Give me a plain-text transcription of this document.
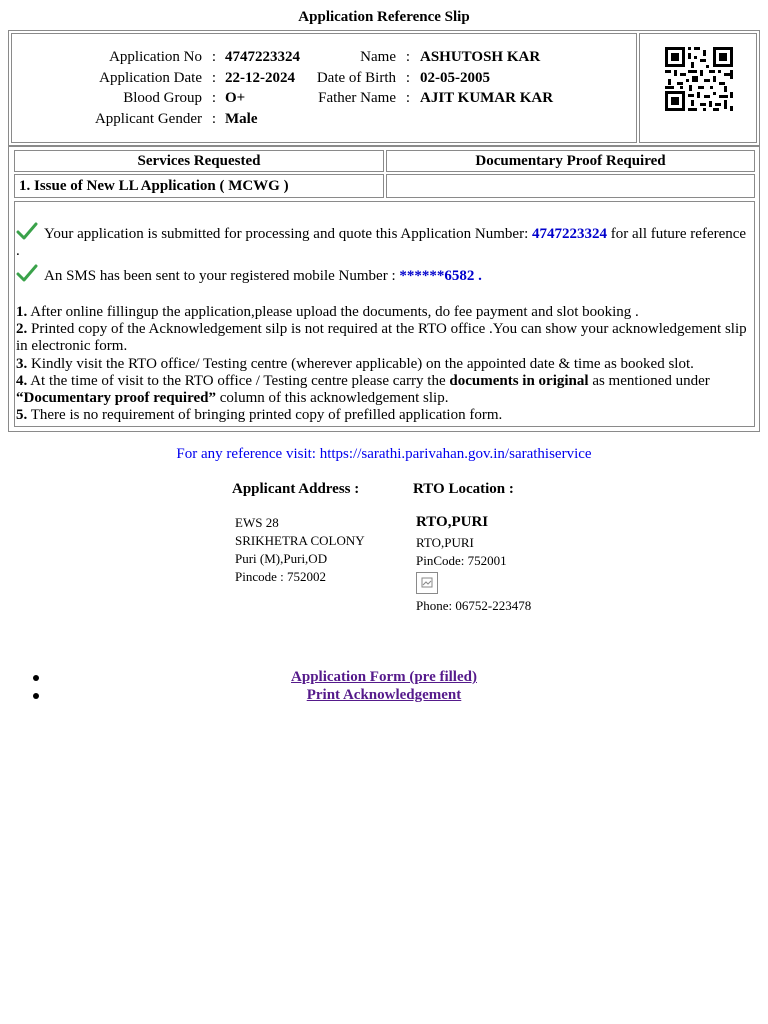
Application Reference Slip
Application No : 4747223324	Name : ASHUTOSH KAR
Application Date : 22-12-2024 Date of Birth : 02-05-2005
Blood Group : O+	Father Name : AJIT KUMAR KAR
Applicant Gender : Male
Services Requested	Documentary Proof Required
1. Issue of New LL Application ( MCWG )
Your application is submitted for processing and quote this Application Number: 4747223324 for all future reference .
An SMS has been sent to your registered mobile Number : ******6582 .
1. After online fillingup the application,please upload the documents, do fee payment and slot booking .
2. Printed copy of the Acknowledgement silp is not required at the RTO office .You can show your acknowledgement slip in electronic form.
3. Kindly visit the RTO office/ Testing centre (wherever applicable) on the appointed date & time as booked slot.
4. At the time of visit to the RTO office / Testing centre please carry the documents in original as mentioned under “Documentary proof required” column of this acknowledgement slip.
5. There is no requirement of bringing printed copy of prefilled application form.
For any reference visit: https://sarathi.parivahan.gov.in/sarathiservice
Applicant Address :
EWS 28
SRIKHETRA COLONY
Puri (M),Puri,OD
Pincode : 752002
RTO Location :
RTO,PURI
RTO,PURI
PinCode: 752001
Phone: 06752-223478
Application Form (pre filled)
Print Acknowledgement
